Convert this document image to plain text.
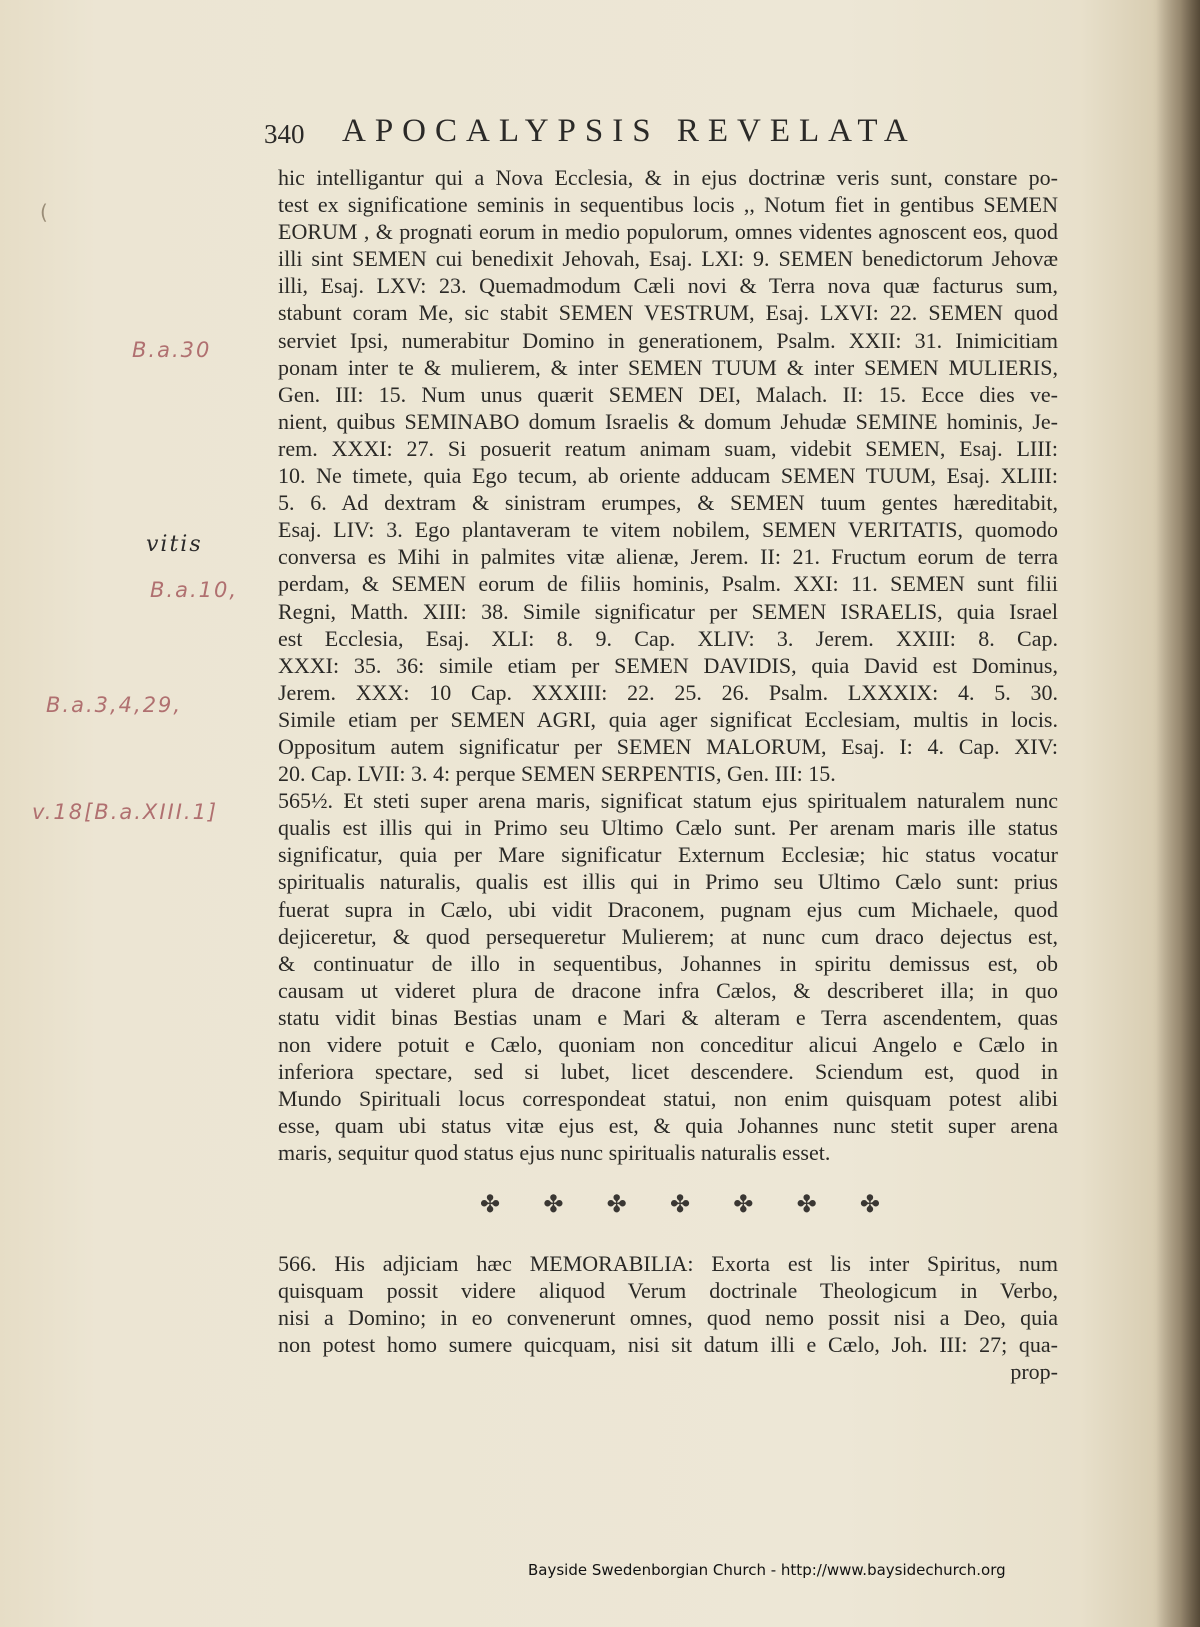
340 APOCALYPSIS REVELATA
hic intelligantur qui a Nova Ecclesia, & in ejus doctrinæ veris sunt, constare po-
test ex significatione seminis in sequentibus locis ,, Notum fiet in gentibus SEMEN
EORUM , & prognati eorum in medio populorum, omnes videntes agnoscent eos, quod
illi sint SEMEN cui benedixit Jehovah, Esaj. LXI: 9. SEMEN benedictorum Jehovæ
illi, Esaj. LXV: 23. Quemadmodum Cæli novi & Terra nova quæ facturus sum,
stabunt coram Me, sic stabit SEMEN VESTRUM, Esaj. LXVI: 22. SEMEN quod
serviet Ipsi, numerabitur Domino in generationem, Psalm. XXII: 31. Inimicitiam
ponam inter te & mulierem, & inter SEMEN TUUM & inter SEMEN MULIERIS,
Gen. III: 15. Num unus quærit SEMEN DEI, Malach. II: 15. Ecce dies ve-
nient, quibus SEMINABO domum Israelis & domum Jehudæ SEMINE hominis, Je-
rem. XXXI: 27. Si posuerit reatum animam suam, videbit SEMEN, Esaj. LIII:
10. Ne timete, quia Ego tecum, ab oriente adducam SEMEN TUUM, Esaj. XLIII:
5. 6. Ad dextram & sinistram erumpes, & SEMEN tuum gentes hæreditabit,
Esaj. LIV: 3. Ego plantaveram te vitem nobilem, SEMEN VERITATIS, quomodo
conversa es Mihi in palmites vitæ alienæ, Jerem. II: 21. Fructum eorum de terra
perdam, & SEMEN eorum de filiis hominis, Psalm. XXI: 11. SEMEN sunt filii
Regni, Matth. XIII: 38. Simile significatur per SEMEN ISRAELIS, quia Israel
est Ecclesia, Esaj. XLI: 8. 9. Cap. XLIV: 3. Jerem. XXIII: 8. Cap.
XXXI: 35. 36: simile etiam per SEMEN DAVIDIS, quia David est Dominus,
Jerem. XXX: 10 Cap. XXXIII: 22. 25. 26. Psalm. LXXXIX: 4. 5. 30.
Simile etiam per SEMEN AGRI, quia ager significat Ecclesiam, multis in locis.
Oppositum autem significatur per SEMEN MALORUM, Esaj. I: 4. Cap. XIV:
20. Cap. LVII: 3. 4: perque SEMEN SERPENTIS, Gen. III: 15.
565½. Et steti super arena maris, significat statum ejus spiritualem naturalem nunc
qualis est illis qui in Primo seu Ultimo Cælo sunt. Per arenam maris ille status
significatur, quia per Mare significatur Externum Ecclesiæ; hic status vocatur
spiritualis naturalis, qualis est illis qui in Primo seu Ultimo Cælo sunt: prius
fuerat supra in Cælo, ubi vidit Draconem, pugnam ejus cum Michaele, quod
dejiceretur, & quod persequeretur Mulierem; at nunc cum draco dejectus est,
& continuatur de illo in sequentibus, Johannes in spiritu demissus est, ob
causam ut videret plura de dracone infra Cælos, & describeret illa; in quo
statu vidit binas Bestias unam e Mari & alteram e Terra ascendentem, quas
non videre potuit e Cælo, quoniam non conceditur alicui Angelo e Cælo in
inferiora spectare, sed si lubet, licet descendere. Sciendum est, quod in
Mundo Spirituali locus correspondeat statui, non enim quisquam potest alibi
esse, quam ubi status vitæ ejus est, & quia Johannes nunc stetit super arena
maris, sequitur quod status ejus nunc spiritualis naturalis esset.
✤ ✤ ✤ ✤ ✤ ✤ ✤
566. His adjiciam hæc MEMORABILIA: Exorta est lis inter Spiritus, num
quisquam possit videre aliquod Verum doctrinale Theologicum in Verbo,
nisi a Domino; in eo convenerunt omnes, quod nemo possit nisi a Deo, quia
non potest homo sumere quicquam, nisi sit datum illi e Cælo, Joh. III: 27; qua-
prop-
(
B.a.30
vitis
B.a.10,
B.a.3,4,29,
v.18[B.a.XIII.1]
Bayside Swedenborgian Church - http://www.baysidechurch.org
